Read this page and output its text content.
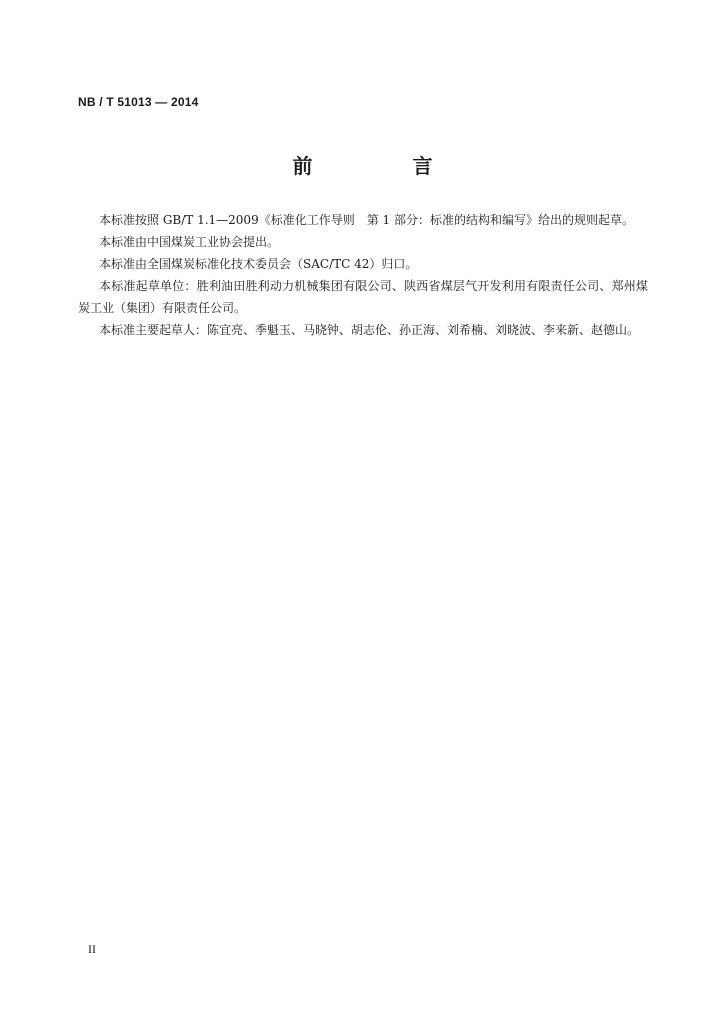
NB / T 51013 — 2014
前　言

本标准按照 GB/T 1.1—2009《标准化工作导则　第 1 部分：标准的结构和编写》给出的规则起草。

本标准由中国煤炭工业协会提出。

本标准由全国煤炭标准化技术委员会（SAC/TC 42）归口。

本标准起草单位：胜利油田胜利动力机械集团有限公司、陕西省煤层气开发利用有限责任公司、郑州煤炭工业（集团）有限责任公司。

本标准主要起草人：陈宜亮、季魁玉、马晓钟、胡志伦、孙正海、刘希楠、刘晓波、李来新、赵德山。

II
